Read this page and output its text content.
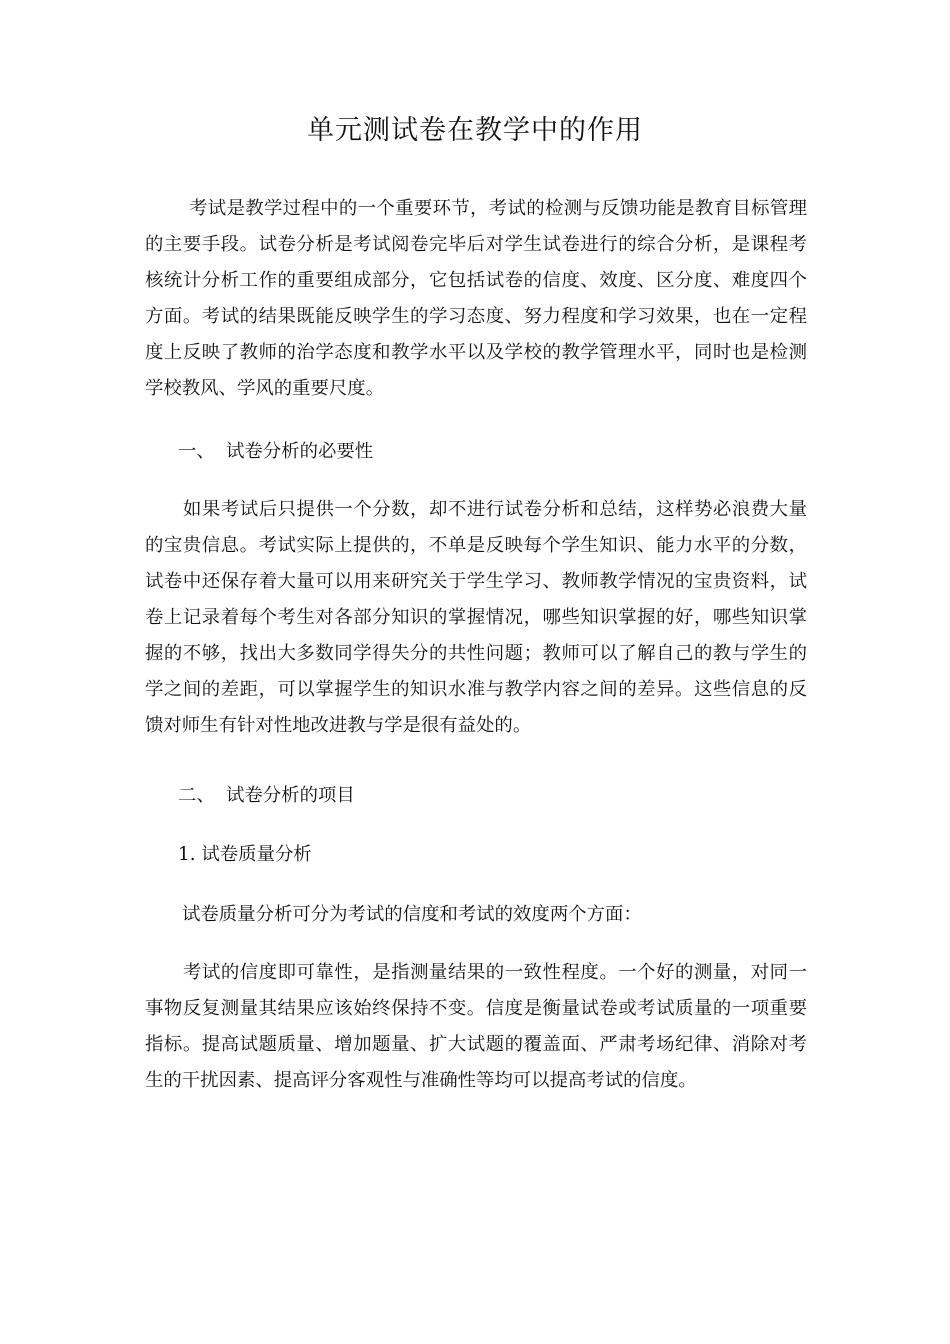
单元测试卷在教学中的作用

考试是教学过程中的一个重要环节，考试的检测与反馈功能是教育目标管理的主要手段。试卷分析是考试阅卷完毕后对学生试卷进行的综合分析，是课程考核统计分析工作的重要组成部分，它包括试卷的信度、效度、区分度、难度四个方面。考试的结果既能反映学生的学习态度、努力程度和学习效果，也在一定程度上反映了教师的治学态度和教学水平以及学校的教学管理水平，同时也是检测学校教风、学风的重要尺度。

一、 试卷分析的必要性

如果考试后只提供一个分数，却不进行试卷分析和总结，这样势必浪费大量的宝贵信息。考试实际上提供的，不单是反映每个学生知识、能力水平的分数，试卷中还保存着大量可以用来研究关于学生学习、教师教学情况的宝贵资料，试卷上记录着每个考生对各部分知识的掌握情况，哪些知识掌握的好，哪些知识掌握的不够，找出大多数同学得失分的共性问题；教师可以了解自己的教与学生的学之间的差距，可以掌握学生的知识水准与教学内容之间的差异。这些信息的反馈对师生有针对性地改进教与学是很有益处的。

二、 试卷分析的项目
1. 试卷质量分析
试卷质量分析可分为考试的信度和考试的效度两个方面：

考试的信度即可靠性，是指测量结果的一致性程度。一个好的测量，对同一事物反复测量其结果应该始终保持不变。信度是衡量试卷或考试质量的一项重要指标。提高试题质量、增加题量、扩大试题的覆盖面、严肃考场纪律、消除对考生的干扰因素、提高评分客观性与准确性等均可以提高考试的信度。
